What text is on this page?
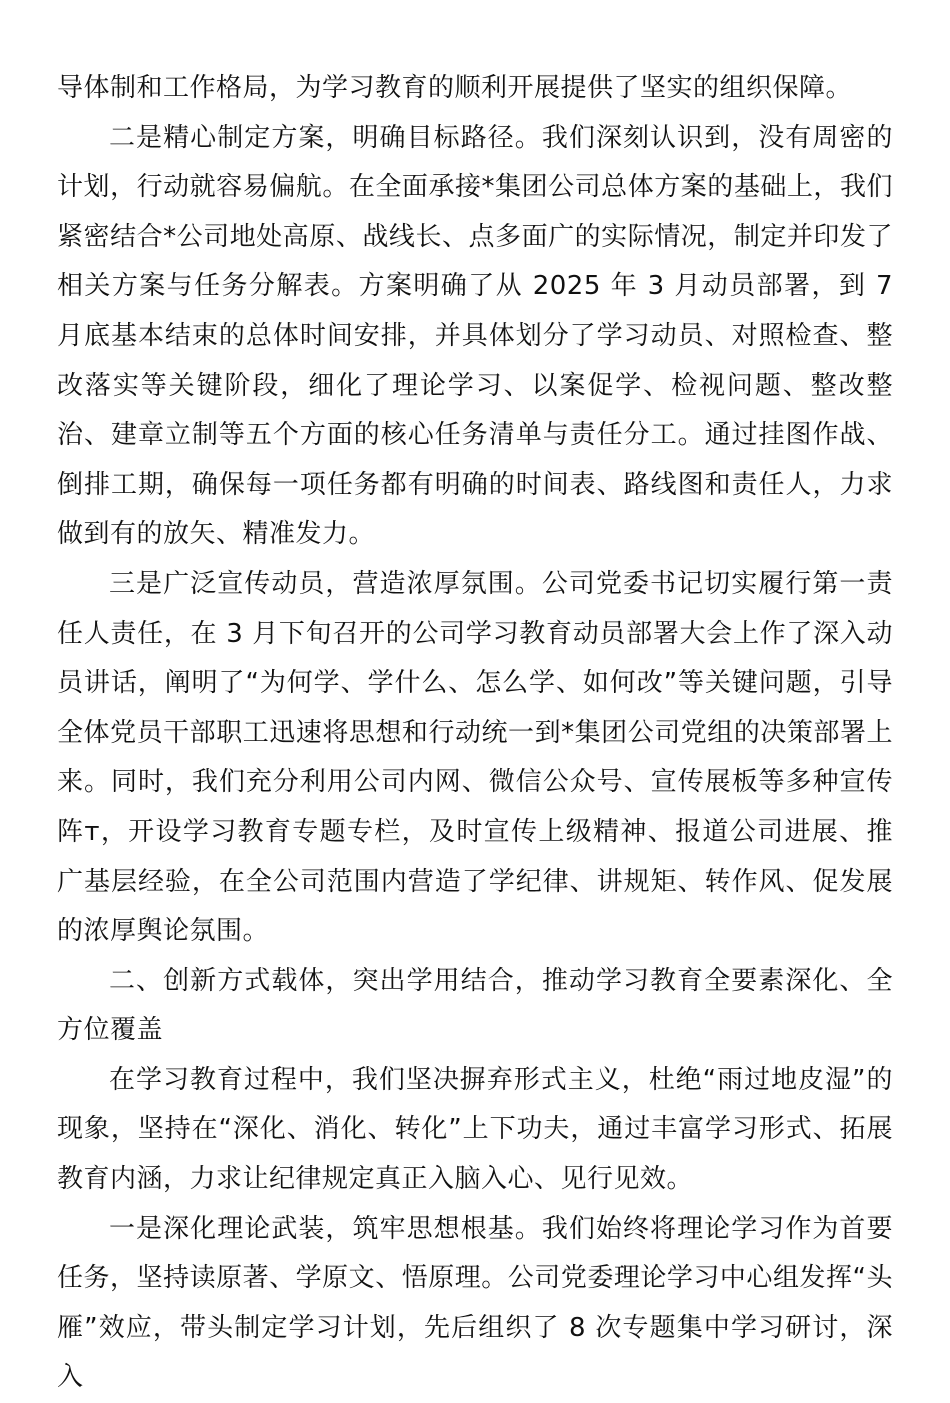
导体制和工作格局，为学习教育的顺利开展提供了坚实的组织保障。

二是精心制定方案，明确目标路径。我们深刻认识到，没有周密的计划，行动就容易偏航。在全面承接*集团公司总体方案的基础上，我们紧密结合*公司地处高原、战线长、点多面广的实际情况，制定并印发了相关方案与任务分解表。方案明确了从 2025 年 3 月动员部署，到 7 月底基本结束的总体时间安排，并具体划分了学习动员、对照检查、整改落实等关键阶段，细化了理论学习、以案促学、检视问题、整改整治、建章立制等五个方面的核心任务清单与责任分工。通过挂图作战、倒排工期，确保每一项任务都有明确的时间表、路线图和责任人，力求做到有的放矢、精准发力。

三是广泛宣传动员，营造浓厚氛围。公司党委书记切实履行第一责任人责任，在 3 月下旬召开的公司学习教育动员部署大会上作了深入动员讲话，阐明了“为何学、学什么、怎么学、如何改”等关键问题，引导全体党员干部职工迅速将思想和行动统一到*集团公司党组的决策部署上来。同时，我们充分利用公司内网、微信公众号、宣传展板等多种宣传阵т，开设学习教育专题专栏，及时宣传上级精神、报道公司进展、推广基层经验，在全公司范围内营造了学纪律、讲规矩、转作风、促发展的浓厚舆论氛围。

二、创新方式载体，突出学用结合，推动学习教育全要素深化、全方位覆盖

在学习教育过程中，我们坚决摒弃形式主义，杜绝“雨过地皮湿”的现象，坚持在“深化、消化、转化”上下功夫，通过丰富学习形式、拓展教育内涵，力求让纪律规定真正入脑入心、见行见效。

一是深化理论武装，筑牢思想根基。我们始终将理论学习作为首要任务，坚持读原著、学原文、悟原理。公司党委理论学习中心组发挥“头雁”效应，带头制定学习计划，先后组织了 8 次专题集中学习研讨，深入
